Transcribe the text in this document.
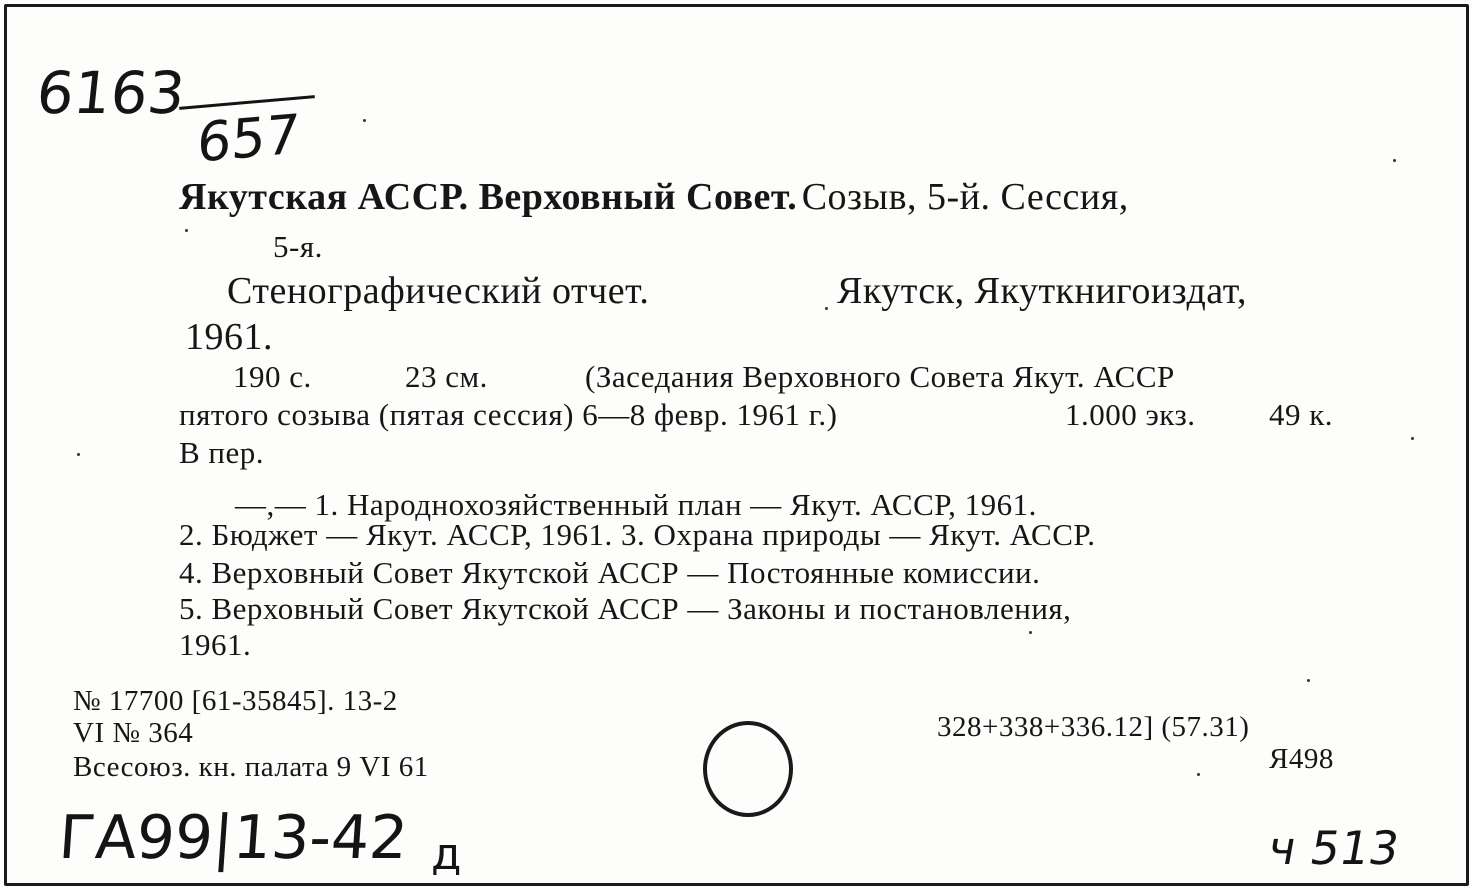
6163
657
Якутская АССР. Верховный Совет. Созыв, 5-й. Сессия,
5-я.
Стенографический отчет.	Якутск, Якуткнигоиздат,
1961.
190 с.	23 см.	(Заседания Верховного Совета Якут. АССР
пятого созыва (пятая сессия) 6—8 февр. 1961 г.)	1.000 экз. 49 к.
В пер.
—,— 1. Народнохозяйственный план — Якут. АССР, 1961.
2. Бюджет — Якут. АССР, 1961. 3. Охрана природы — Якут. АССР.
4. Верховный Совет Якутской АССР — Постоянные комиссии.
5. Верховный Совет Якутской АССР — Законы и постановления,
1961.
№ 17700 [61-35845]. 13-2
VI № 364
Всесоюз. кн. палата 9 VI 61
328+338+336.12] (57.31)
Я498
ГА99|13-42 д	ч 513
